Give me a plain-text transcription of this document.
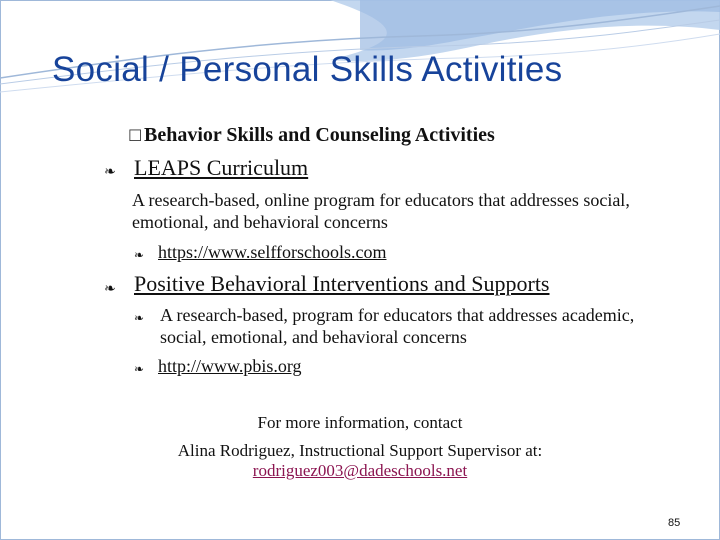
Social / Personal Skills Activities
☐ Behavior Skills and Counseling Activities
❧ LEAPS Curriculum
A research-based, online program for educators that addresses social, emotional, and behavioral concerns
❧ https://www.selfforschools.com
❧ Positive Behavioral Interventions and Supports
❧ A research-based, program for educators that addresses academic, social, emotional, and behavioral concerns
❧ http://www.pbis.org
For more information, contact
Alina Rodriguez, Instructional Support Supervisor at:
rodriguez003@dadeschools.net
85
